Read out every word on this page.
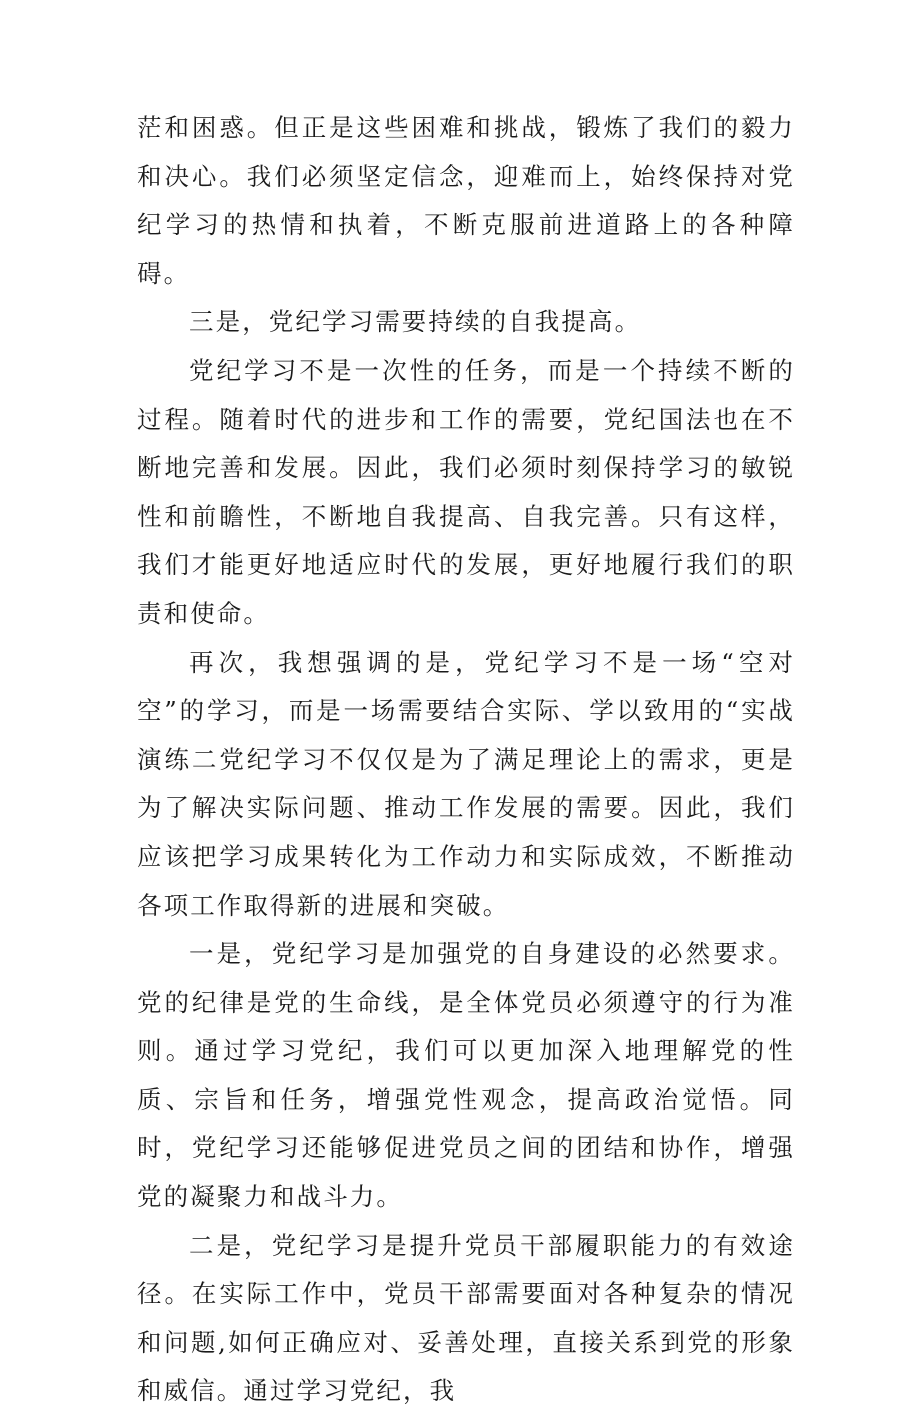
茫和困惑。但正是这些困难和挑战，锻炼了我们的毅力和决心。我们必须坚定信念，迎难而上，始终保持对党纪学习的热情和执着，不断克服前进道路上的各种障碍。

三是，党纪学习需要持续的自我提高。

党纪学习不是一次性的任务，而是一个持续不断的过程。随着时代的进步和工作的需要，党纪国法也在不断地完善和发展。因此，我们必须时刻保持学习的敏锐性和前瞻性，不断地自我提高、自我完善。只有这样，我们才能更好地适应时代的发展，更好地履行我们的职责和使命。

再次，我想强调的是，党纪学习不是一场“空对空”的学习，而是一场需要结合实际、学以致用的“实战演练二党纪学习不仅仅是为了满足理论上的需求，更是为了解决实际问题、推动工作发展的需要。因此，我们应该把学习成果转化为工作动力和实际成效，不断推动各项工作取得新的进展和突破。

一是，党纪学习是加强党的自身建设的必然要求。党的纪律是党的生命线，是全体党员必须遵守的行为准则。通过学习党纪，我们可以更加深入地理解党的性质、宗旨和任务，增强党性观念，提高政治觉悟。同时，党纪学习还能够促进党员之间的团结和协作，增强党的凝聚力和战斗力。

二是，党纪学习是提升党员干部履职能力的有效途径。在实际工作中，党员干部需要面对各种复杂的情况和问题,如何正确应对、妥善处理，直接关系到党的形象和威信。通过学习党纪，我
